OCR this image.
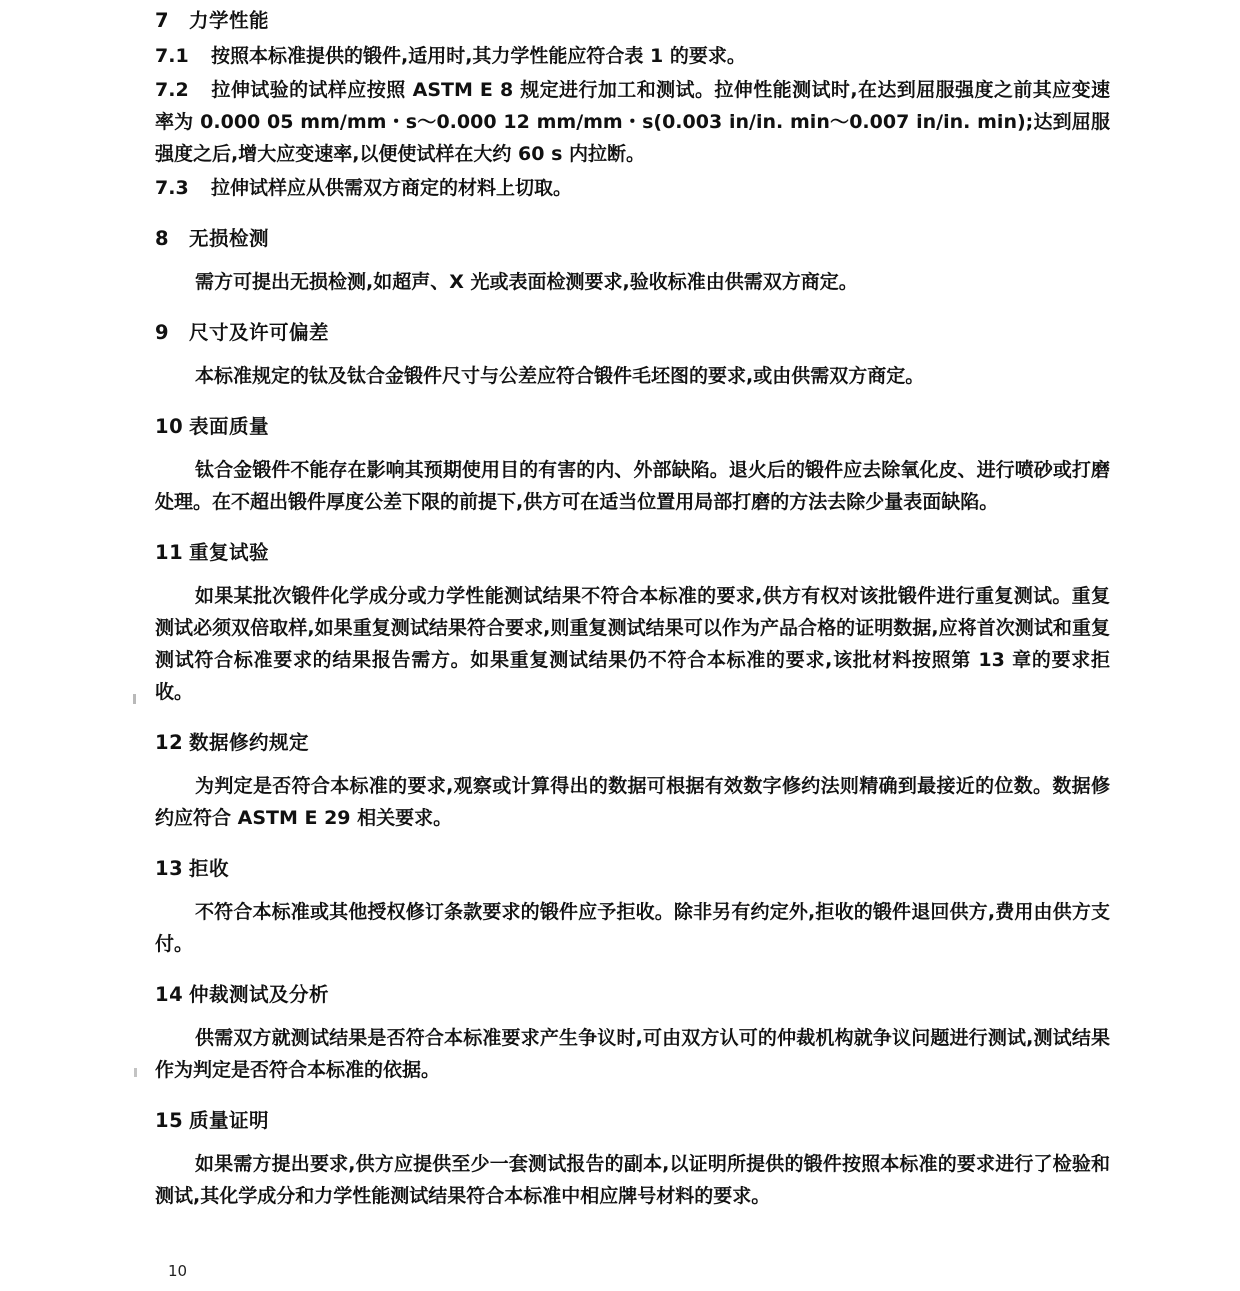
7 力学性能
7.1 按照本标准提供的锻件,适用时,其力学性能应符合表 1 的要求。
7.2 拉伸试验的试样应按照 ASTM E 8 规定进行加工和测试。拉伸性能测试时,在达到屈服强度之前其应变速率为 0.000 05 mm/mm・s～0.000 12 mm/mm・s(0.003 in/in. min～0.007 in/in. min);达到屈服强度之后,增大应变速率,以便使试样在大约 60 s 内拉断。
7.3 拉伸试样应从供需双方商定的材料上切取。
8 无损检测
需方可提出无损检测,如超声、X 光或表面检测要求,验收标准由供需双方商定。
9 尺寸及许可偏差
本标准规定的钛及钛合金锻件尺寸与公差应符合锻件毛坯图的要求,或由供需双方商定。
10 表面质量
钛合金锻件不能存在影响其预期使用目的有害的内、外部缺陷。退火后的锻件应去除氧化皮、进行喷砂或打磨处理。在不超出锻件厚度公差下限的前提下,供方可在适当位置用局部打磨的方法去除少量表面缺陷。
11 重复试验
如果某批次锻件化学成分或力学性能测试结果不符合本标准的要求,供方有权对该批锻件进行重复测试。重复测试必须双倍取样,如果重复测试结果符合要求,则重复测试结果可以作为产品合格的证明数据,应将首次测试和重复测试符合标准要求的结果报告需方。如果重复测试结果仍不符合本标准的要求,该批材料按照第 13 章的要求拒收。
12 数据修约规定
为判定是否符合本标准的要求,观察或计算得出的数据可根据有效数字修约法则精确到最接近的位数。数据修约应符合 ASTM E 29 相关要求。
13 拒收
不符合本标准或其他授权修订条款要求的锻件应予拒收。除非另有约定外,拒收的锻件退回供方,费用由供方支付。
14 仲裁测试及分析
供需双方就测试结果是否符合本标准要求产生争议时,可由双方认可的仲裁机构就争议问题进行测试,测试结果作为判定是否符合本标准的依据。
15 质量证明
如果需方提出要求,供方应提供至少一套测试报告的副本,以证明所提供的锻件按照本标准的要求进行了检验和测试,其化学成分和力学性能测试结果符合本标准中相应牌号材料的要求。
10
